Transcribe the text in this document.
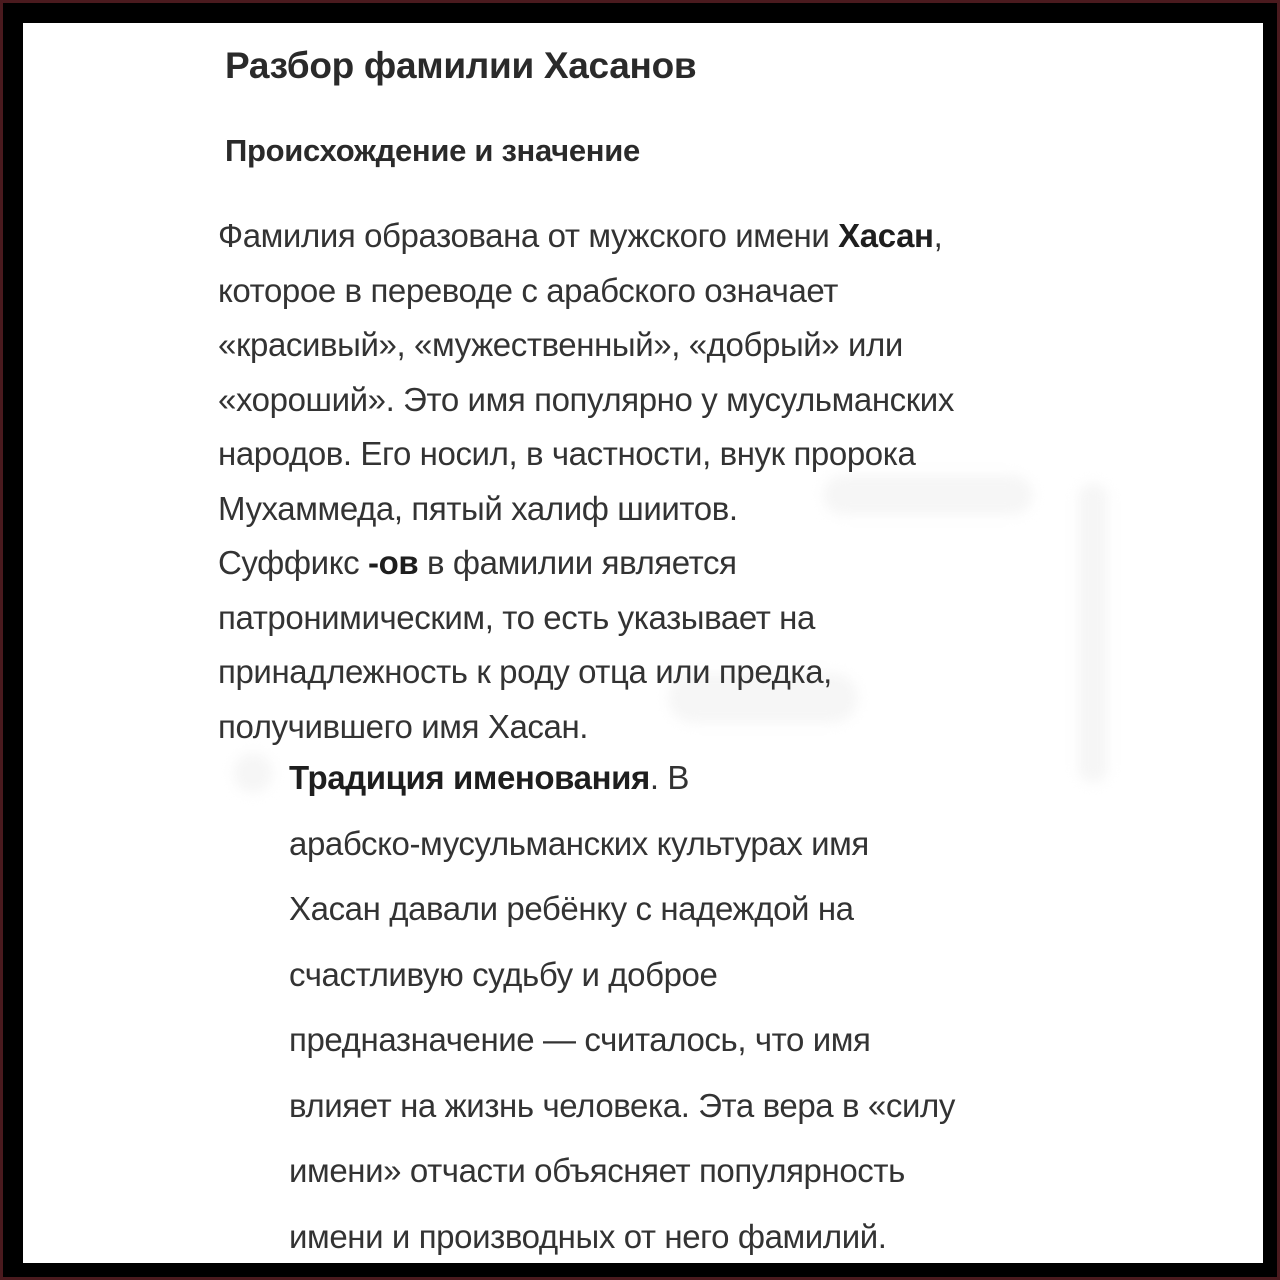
Разбор фамилии Хасанов
Происхождение и значение
Фамилия образована от мужского имени Хасан,
которое в переводе с арабского означает
«красивый», «мужественный», «добрый» или
«хороший». Это имя популярно у мусульманских
народов. Его носил, в частности, внук пророка
Мухаммеда, пятый халиф шиитов.
Суффикс -ов в фамилии является
патронимическим, то есть указывает на
принадлежность к роду отца или предка,
получившего имя Хасан.
Традиция именования. В
арабско-мусульманских культурах имя
Хасан давали ребёнку с надеждой на
счастливую судьбу и доброе
предназначение — считалось, что имя
влияет на жизнь человека. Эта вера в «силу
имени» отчасти объясняет популярность
имени и производных от него фамилий.
